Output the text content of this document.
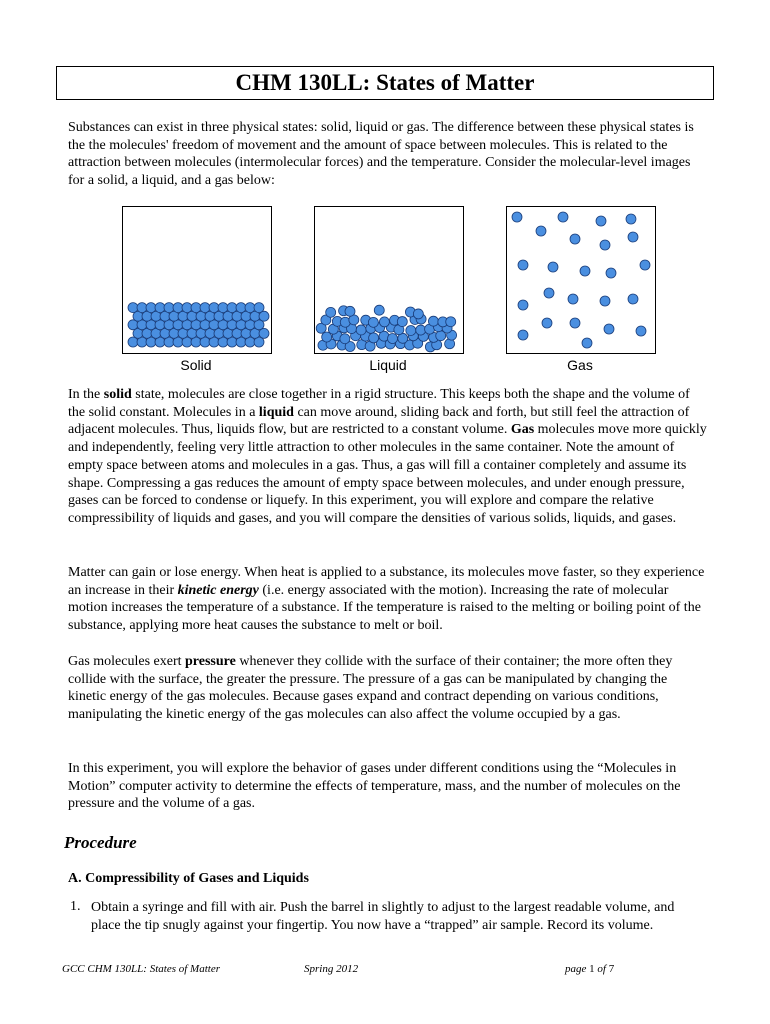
CHM 130LL: States of Matter

Substances can exist in three physical states: solid, liquid or gas. The difference between these physical states is the the molecules' freedom of movement and the amount of space between molecules. This is related to the attraction between molecules (intermolecular forces) and the temperature. Consider the molecular-level images for a solid, a liquid, and a gas below:

Solid	Liquid	Gas

In the solid state, molecules are close together in a rigid structure. This keeps both the shape and the volume of the solid constant. Molecules in a liquid can move around, sliding back and forth, but still feel the attraction of adjacent molecules. Thus, liquids flow, but are restricted to a constant volume. Gas molecules move more quickly and independently, feeling very little attraction to other molecules in the same container. Note the amount of empty space between atoms and molecules in a gas. Thus, a gas will fill a container completely and assume its shape. Compressing a gas reduces the amount of empty space between molecules, and under enough pressure, gases can be forced to condense or liquefy. In this experiment, you will explore and compare the relative compressibility of liquids and gases, and you will compare the densities of various solids, liquids, and gases.

Matter can gain or lose energy. When heat is applied to a substance, its molecules move faster, so they experience an increase in their kinetic energy (i.e. energy associated with the motion). Increasing the rate of molecular motion increases the temperature of a substance. If the temperature is raised to the melting or boiling point of the substance, applying more heat causes the substance to melt or boil.

Gas molecules exert pressure whenever they collide with the surface of their container; the more often they collide with the surface, the greater the pressure. The pressure of a gas can be manipulated by changing the kinetic energy of the gas molecules. Because gases expand and contract depending on various conditions, manipulating the kinetic energy of the gas molecules can also affect the volume occupied by a gas.

In this experiment, you will explore the behavior of gases under different conditions using the “Molecules in Motion” computer activity to determine the effects of temperature, mass, and the number of molecules on the pressure and the volume of a gas.

Procedure
A. Compressibility of Gases and Liquids
1. Obtain a syringe and fill with air. Push the barrel in slightly to adjust to the largest readable volume, and place the tip snugly against your fingertip. You now have a “trapped” air sample. Record its volume.
GCC CHM 130LL: States of Matter	Spring 2012	page 1 of 7
